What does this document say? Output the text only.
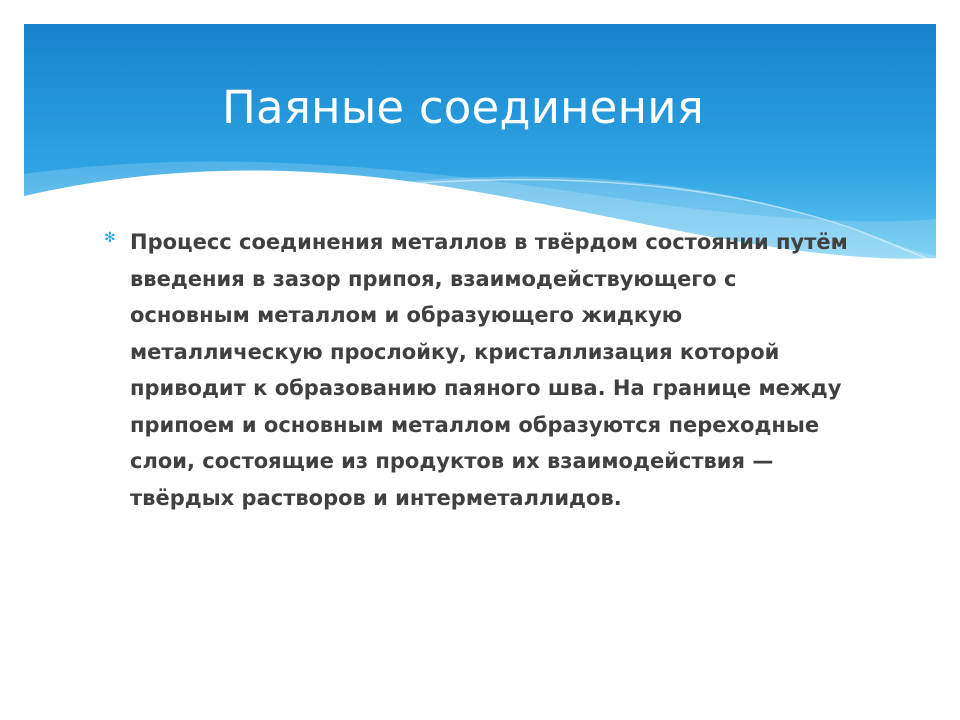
Паяные соединения
✻ Процесс соединения металлов в твёрдом состоянии путём введения в зазор припоя, взаимодействующего с основным металлом и образующего жидкую металлическую прослойку, кристаллизация которой приводит к образованию паяного шва. На границе между припоем и основным металлом образуются переходные слои, состоящие из продуктов их взаимодействия — твёрдых растворов и интерметаллидов.
